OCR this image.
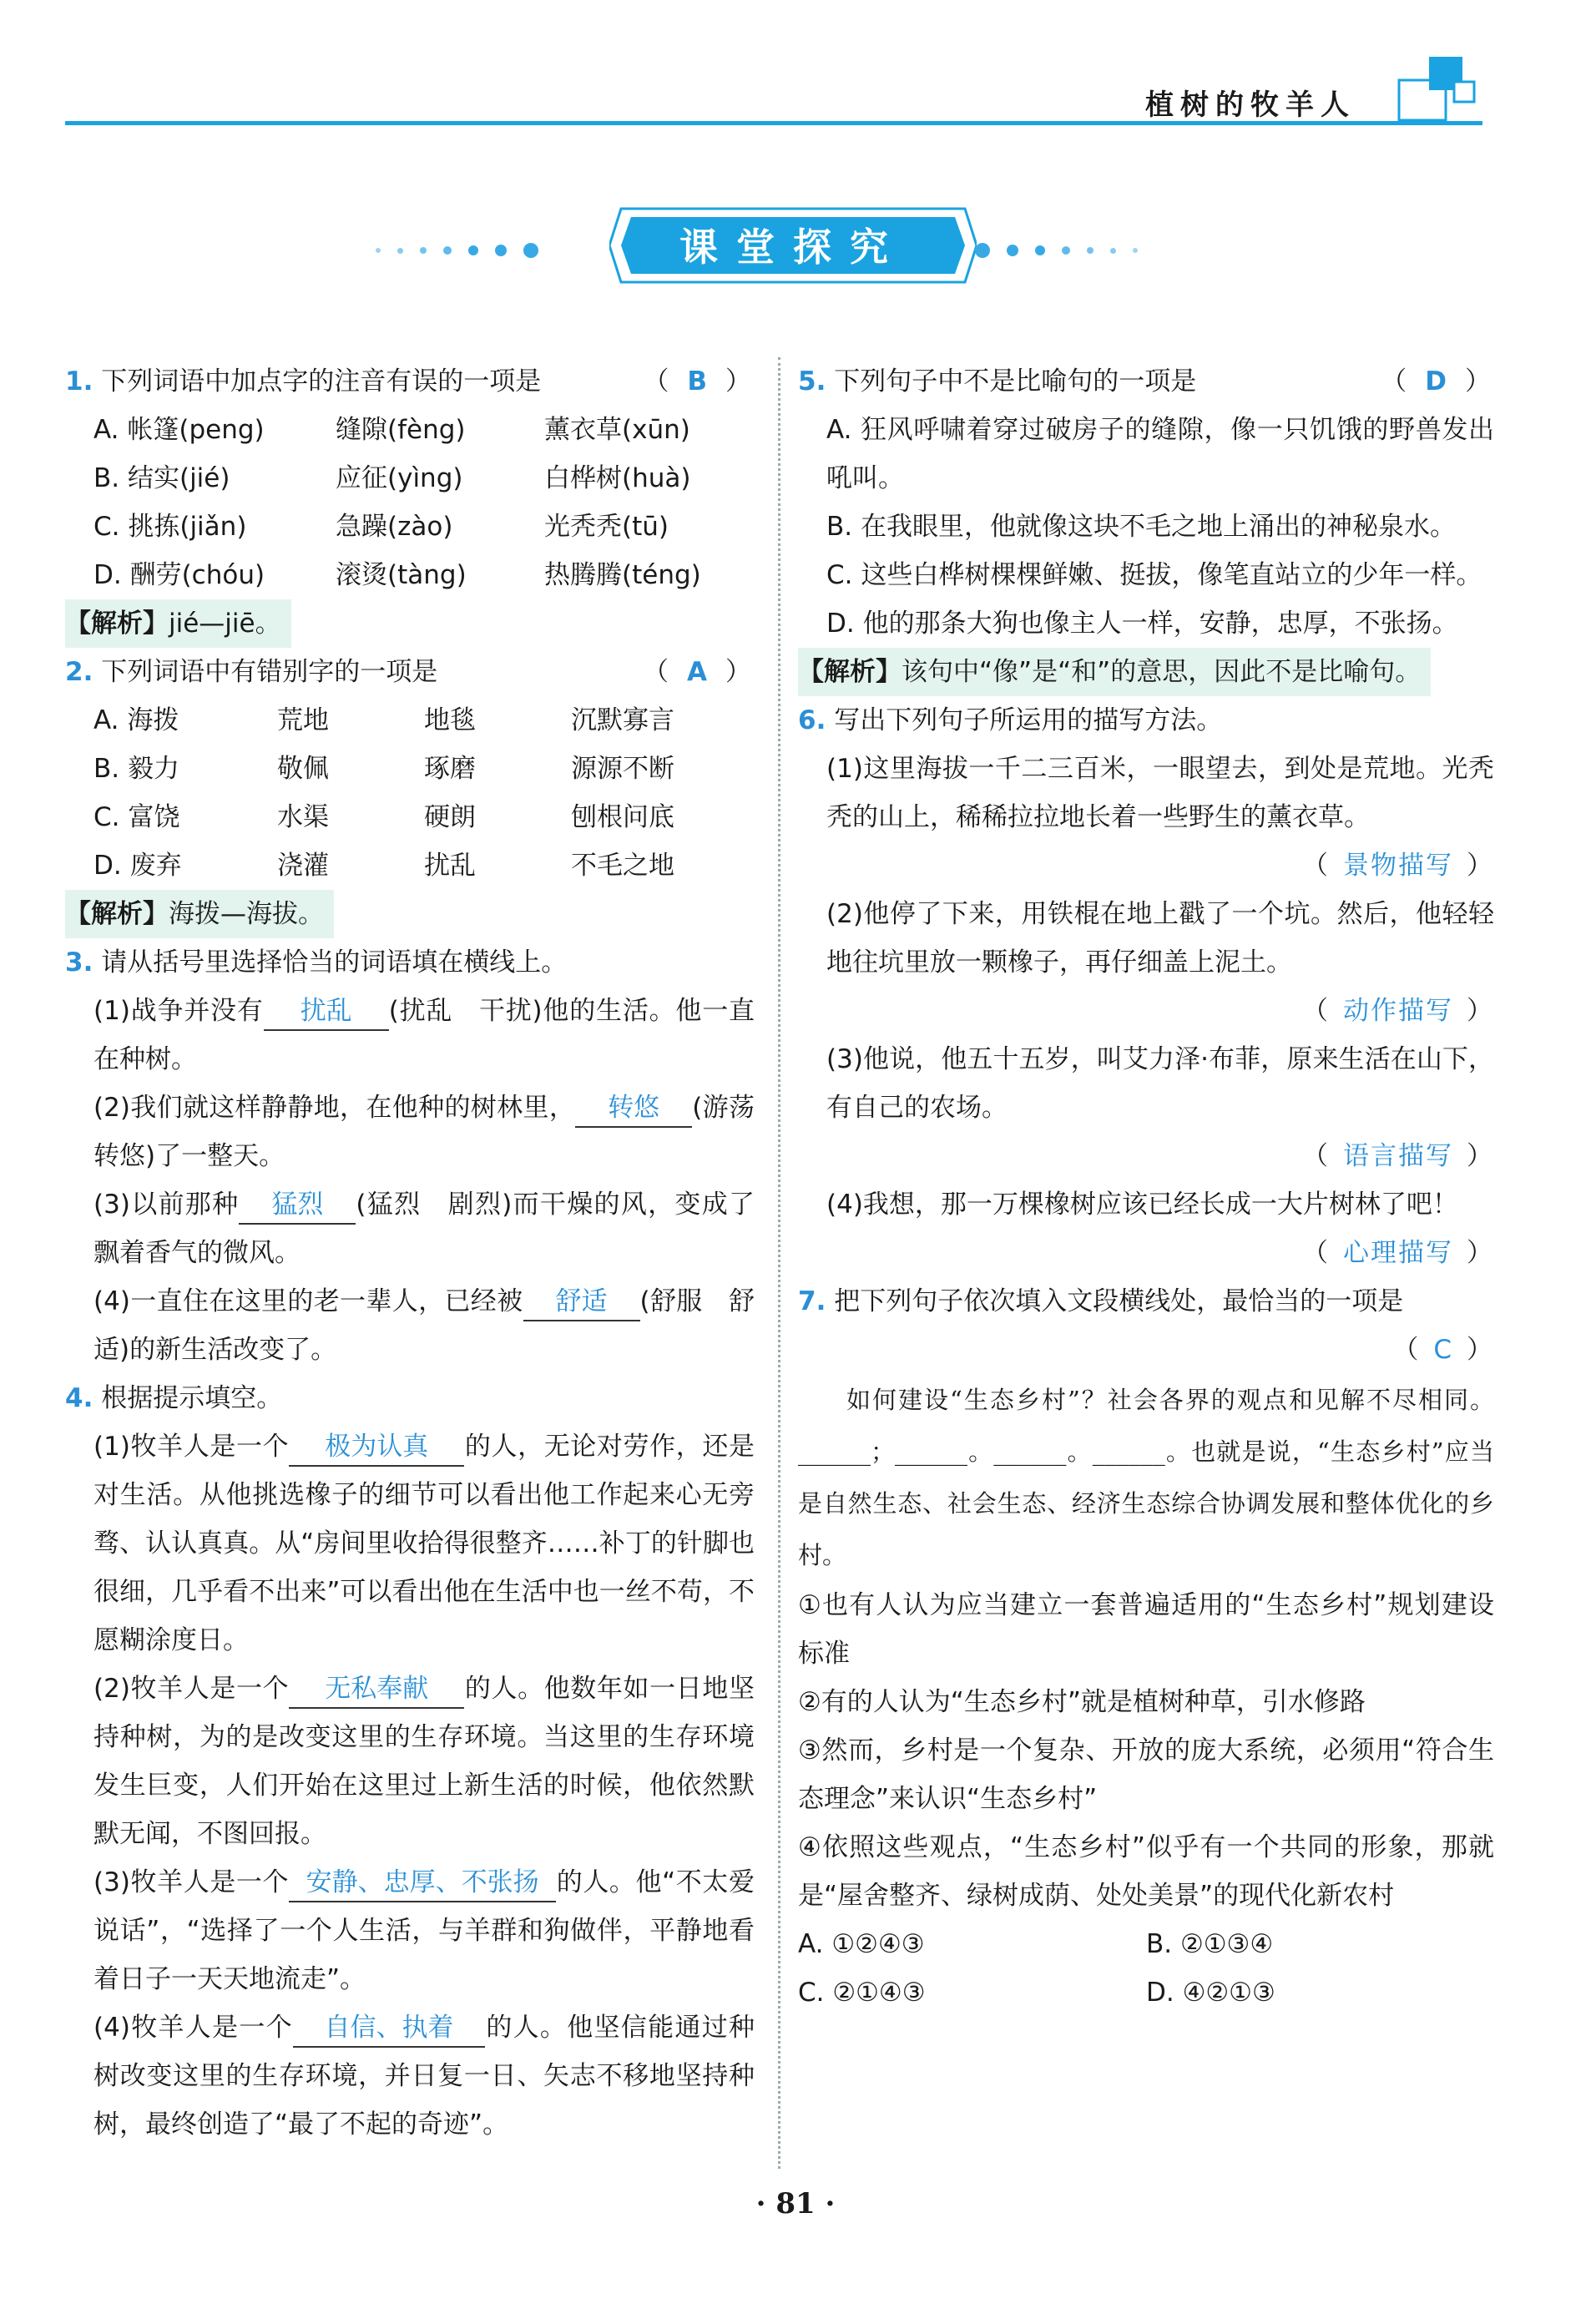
植树的牧羊人
课堂探究
1. 下列词语中加点字的注音有误的一项是	（ B ）
A. 帐篷(peng)	缝隙(fèng)	薰衣草(xūn)
B. 结实(jié)	应征(yìng)	白桦树(huà)
C. 挑拣(jiǎn)	急躁(zào)	光秃秃(tū)
D. 酬劳(chóu)	滚烫(tàng)	热腾腾(téng)
【解析】jié—jiē。
2. 下列词语中有错别字的一项是	（ A ）
A. 海拨	荒地	地毯	沉默寡言
B. 毅力	敬佩	琢磨	源源不断
C. 富饶	水渠	硬朗	刨根问底
D. 废弃	浇灌	扰乱	不毛之地
【解析】海拨—海拔。
3. 请从括号里选择恰当的词语填在横线上。
(1)战争并没有 扰乱 (扰乱　干扰)他的生活。他一直在种树。
(2)我们就这样静静地，在他种的树林里， 转悠 (游荡　转悠)了一整天。
(3)以前那种 猛烈 (猛烈　剧烈)而干燥的风，变成了飘着香气的微风。
(4)一直住在这里的老一辈人，已经被 舒适 (舒服　舒适)的新生活改变了。
4. 根据提示填空。
(1)牧羊人是一个 极为认真 的人，无论对劳作，还是对生活。从他挑选橡子的细节可以看出他工作起来心无旁骛、认认真真。从“房间里收拾得很整齐……补丁的针脚也很细，几乎看不出来”可以看出他在生活中也一丝不苟，不愿糊涂度日。
(2)牧羊人是一个 无私奉献 的人。他数年如一日地坚持种树，为的是改变这里的生存环境。当这里的生存环境发生巨变，人们开始在这里过上新生活的时候，他依然默默无闻，不图回报。
(3)牧羊人是一个 安静、忠厚、不张扬 的人。他“不太爱说话”，“选择了一个人生活，与羊群和狗做伴，平静地看着日子一天天地流走”。
(4)牧羊人是一个 自信、执着 的人。他坚信能通过种树改变这里的生存环境，并日复一日、矢志不移地坚持种树，最终创造了“最了不起的奇迹”。
5. 下列句子中不是比喻句的一项是	（ D ）
A. 狂风呼啸着穿过破房子的缝隙，像一只饥饿的野兽发出吼叫。
B. 在我眼里，他就像这块不毛之地上涌出的神秘泉水。
C. 这些白桦树棵棵鲜嫩、挺拔，像笔直站立的少年一样。
D. 他的那条大狗也像主人一样，安静，忠厚，不张扬。
【解析】该句中“像”是“和”的意思，因此不是比喻句。
6. 写出下列句子所运用的描写方法。
(1)这里海拔一千二三百米，一眼望去，到处是荒地。光秃秃的山上，稀稀拉拉地长着一些野生的薰衣草。
（ 景物描写 ）
(2)他停了下来，用铁棍在地上戳了一个坑。然后，他轻轻地往坑里放一颗橡子，再仔细盖上泥土。
（ 动作描写 ）
(3)他说，他五十五岁，叫艾力泽·布菲，原来生活在山下，有自己的农场。
（ 语言描写 ）
(4)我想，那一万棵橡树应该已经长成一大片树林了吧！
（ 心理描写 ）
7. 把下列句子依次填入文段横线处，最恰当的一项是
（ C ）
如何建设“生态乡村”？社会各界的观点和见解不尽相同。______；______。______。______。也就是说，“生态乡村”应当是自然生态、社会生态、经济生态综合协调发展和整体优化的乡村。
①也有人认为应当建立一套普遍适用的“生态乡村”规划建设标准
②有的人认为“生态乡村”就是植树种草，引水修路
③然而，乡村是一个复杂、开放的庞大系统，必须用“符合生态理念”来认识“生态乡村”
④依照这些观点，“生态乡村”似乎有一个共同的形象，那就是“屋舍整齐、绿树成荫、处处美景”的现代化新农村
A. ①②④③	B. ②①③④
C. ②①④③	D. ④②①③
· 81 ·
